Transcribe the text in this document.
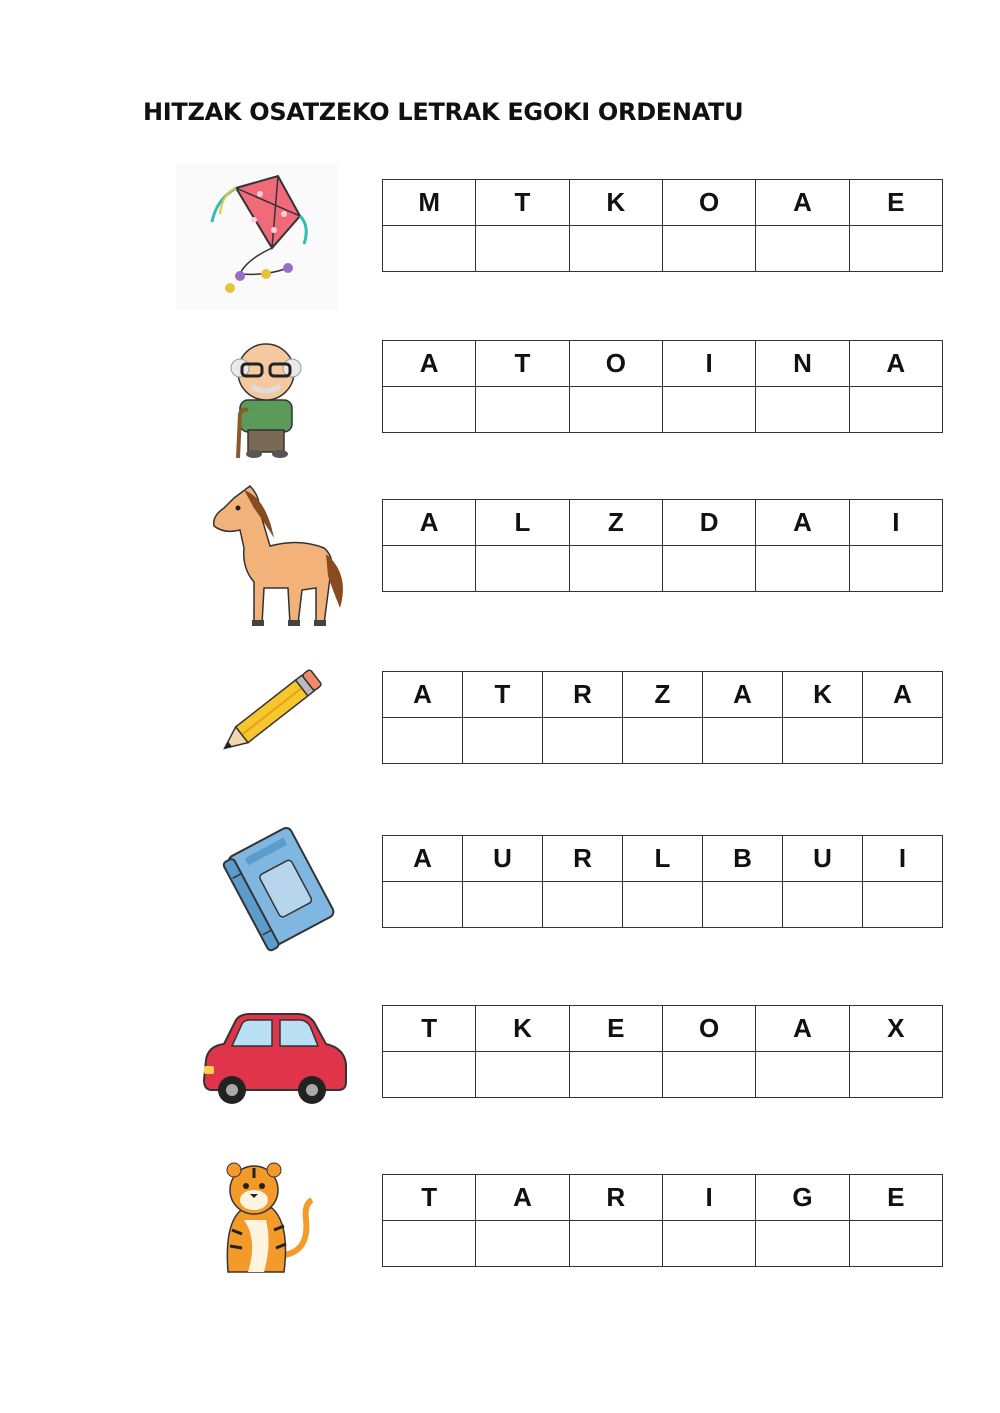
HITZAK OSATZEKO LETRAK EGOKI ORDENATU
M	T	K	O	A	E

A	T	O	I	N	A

A	L	Z	D	A	I

A	T	R	Z	A	K	A

A	U	R	L	B	U	I

T	K	E	O	A	X

T	A	R	I	G	E
